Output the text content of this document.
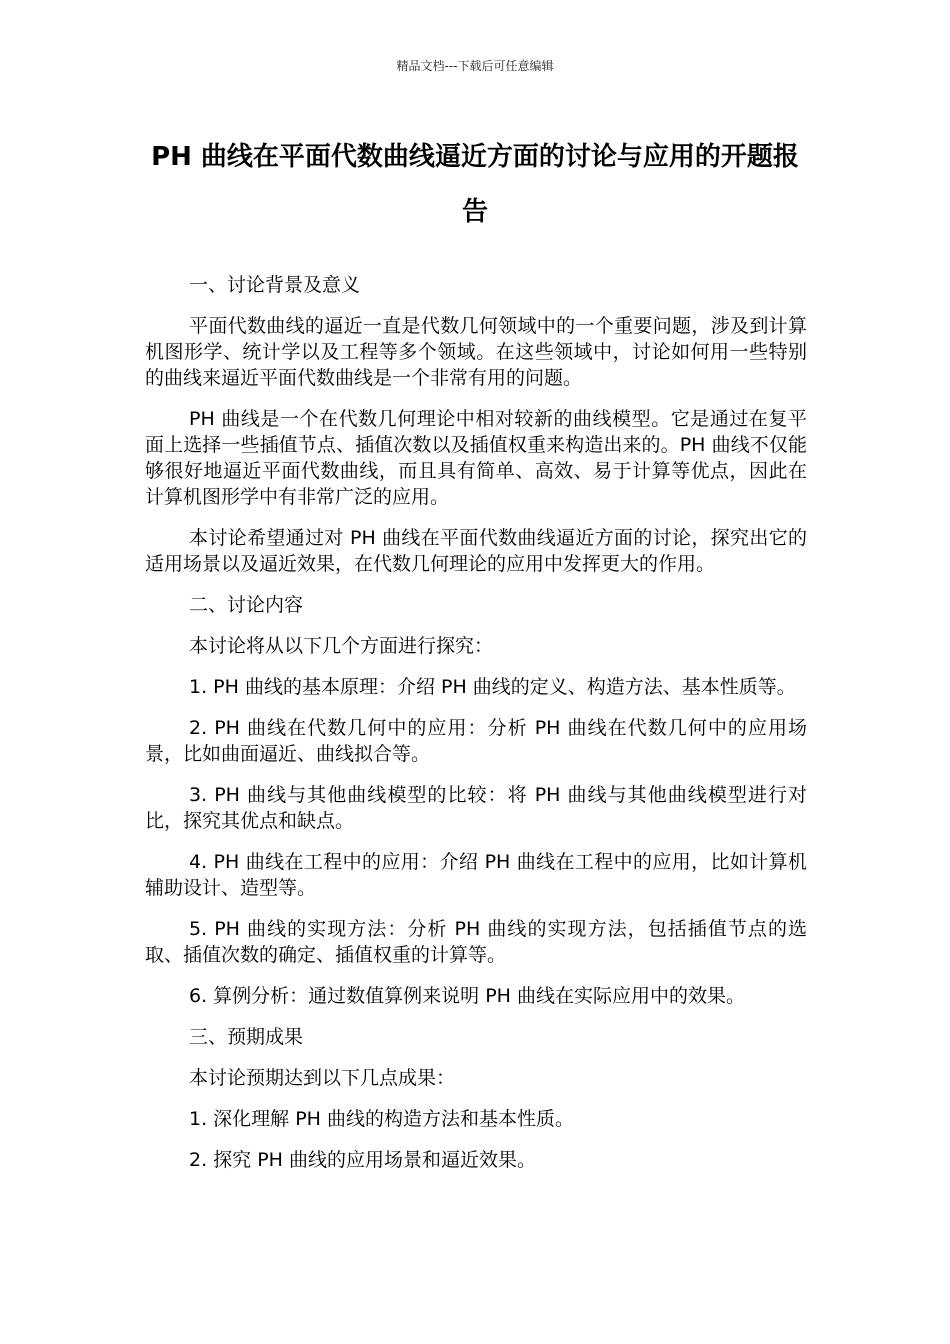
精品文档---下载后可任意编辑
PH 曲线在平面代数曲线逼近方面的讨论与应用的开题报告

一、讨论背景及意义

平面代数曲线的逼近一直是代数几何领域中的一个重要问题，涉及到计算机图形学、统计学以及工程等多个领域。在这些领域中，讨论如何用一些特别的曲线来逼近平面代数曲线是一个非常有用的问题。

PH 曲线是一个在代数几何理论中相对较新的曲线模型。它是通过在复平面上选择一些插值节点、插值次数以及插值权重来构造出来的。PH 曲线不仅能够很好地逼近平面代数曲线，而且具有简单、高效、易于计算等优点，因此在计算机图形学中有非常广泛的应用。

本讨论希望通过对 PH 曲线在平面代数曲线逼近方面的讨论，探究出它的适用场景以及逼近效果，在代数几何理论的应用中发挥更大的作用。

二、讨论内容

本讨论将从以下几个方面进行探究：

1. PH 曲线的基本原理：介绍 PH 曲线的定义、构造方法、基本性质等。

2. PH 曲线在代数几何中的应用：分析 PH 曲线在代数几何中的应用场景，比如曲面逼近、曲线拟合等。

3. PH 曲线与其他曲线模型的比较：将 PH 曲线与其他曲线模型进行对比，探究其优点和缺点。

4. PH 曲线在工程中的应用：介绍 PH 曲线在工程中的应用，比如计算机辅助设计、造型等。

5. PH 曲线的实现方法：分析 PH 曲线的实现方法，包括插值节点的选取、插值次数的确定、插值权重的计算等。

6. 算例分析：通过数值算例来说明 PH 曲线在实际应用中的效果。

三、预期成果

本讨论预期达到以下几点成果：

1. 深化理解 PH 曲线的构造方法和基本性质。

2. 探究 PH 曲线的应用场景和逼近效果。
